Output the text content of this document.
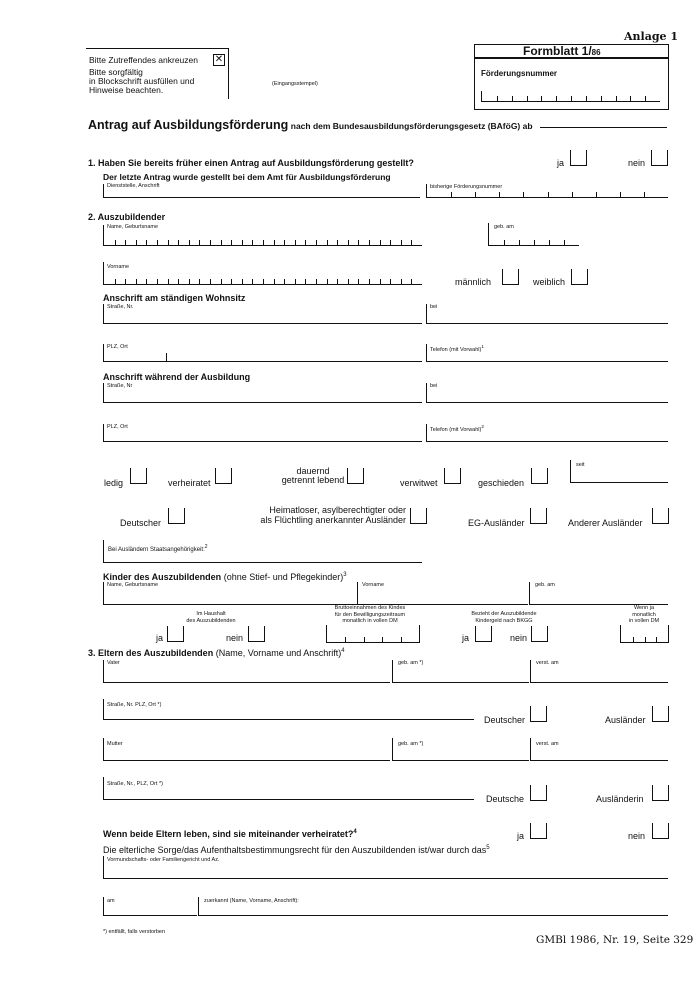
Anlage 1
Bitte Zutreffendes ankreuzen ✕
Bitte sorgfältig
in Blockschrift ausfüllen und
Hinweise beachten.
(Eingangsstempel)
Formblatt 1/86
Förderungsnummer
Antrag auf Ausbildungsförderung nach dem Bundesausbildungsförderungsgesetz (BAföG) ab
1. Haben Sie bereits früher einen Antrag auf Ausbildungsförderung gestellt?	ja	nein
Der letzte Antrag wurde gestellt bei dem Amt für Ausbildungsförderung
Dienststelle, Anschrift	bisherige Förderungsnummer
2. Auszubildender
Name, Geburtsname	geb. am
Vorname
männlich	weiblich
Anschrift am ständigen Wohnsitz
Straße, Nr.	bei
PLZ, Ort	Telefon (mit Vorwahl)$^1$
Anschrift während der Ausbildung
Straße, Nr	bei
PLZ, Ort	Telefon (mit Vorwahl)$^2$
ledig	verheiratet
dauernd
getrennt lebend	verwitwet	geschieden
seit
Deutscher
Heimatloser, asylberechtigter oder
als Flüchtling anerkannter Ausländer	EG-Ausländer	Anderer Ausländer
Bei Ausländern Staatsangehörigkeit:$^2$
Kinder des Auszubildenden (ohne Stief- und Pflegekinder)$^3$
Name, Geburtsname	Vorname	geb. am
Im Haushalt
des Auszubildenden
Bruttoeinnahmen des Kindes
für den Bewilligungszeitraum
monatlich in vollen DM
Bezieht der Auszubildende
Kindergeld nach BKGG
Wenn ja
monatlich
in vollen DM
ja	nein	ja	nein
3. Eltern des Auszubildenden (Name, Vorname und Anschrift)$^4$
Vater	geb. am *)	verst. am
Straße, Nr. PLZ, Ort *)
Deutscher	Ausländer
Mutter	geb. am *)	verst. am
Straße, Nr., PLZ, Ort *)
Deutsche	Ausländerin
Wenn beide Eltern leben, sind sie miteinander verheiratet?$^4$	ja	nein
Die elterliche Sorge/das Aufenthaltsbestimmungsrecht für den Auszubildenden ist/war durch das$^5$
Vormundschafts- oder Familiengericht und Az.
am	zuerkannt (Name, Vorname, Anschrift):
*) entfällt, falls verstorben
GMBl 1986, Nr. 19, Seite 329
